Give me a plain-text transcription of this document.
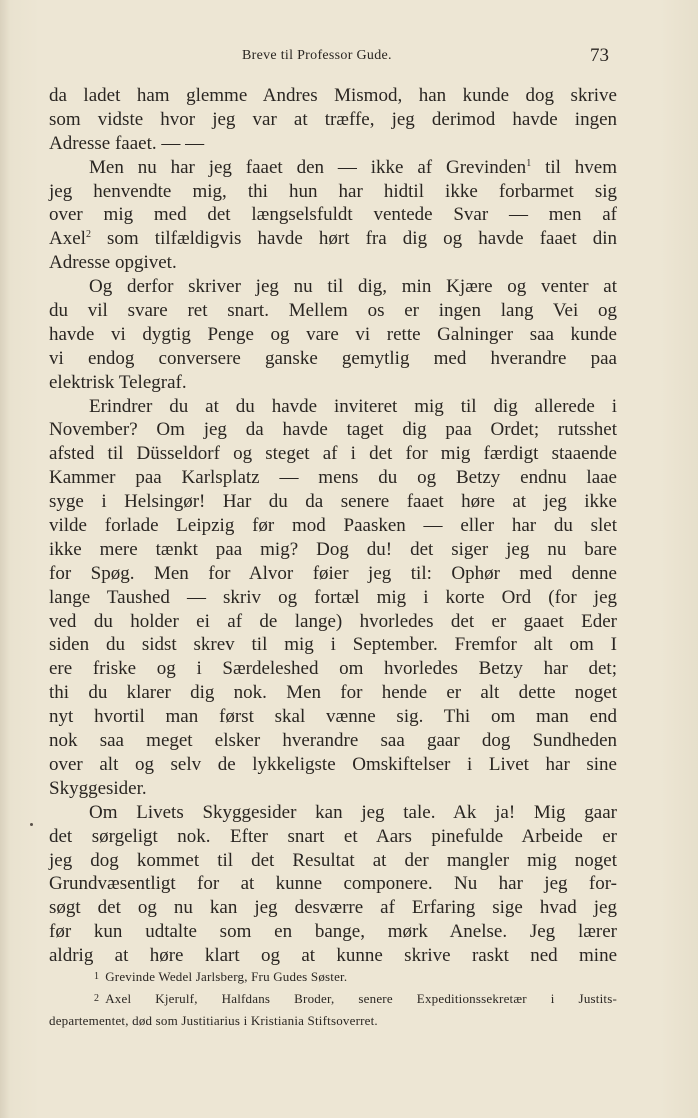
Breve til Professor Gude.	73
da ladet ham glemme Andres Mismod, han kunde dog skrive
som vidste hvor jeg var at træffe, jeg derimod havde ingen
Adresse faaet. — —
Men nu har jeg faaet den — ikke af Grevinden$^1$ til hvem
jeg henvendte mig, thi hun har hidtil ikke forbarmet sig
over mig med det længselsfuldt ventede Svar — men af
Axel$^2$ som tilfældigvis havde hørt fra dig og havde faaet din
Adresse opgivet.
Og derfor skriver jeg nu til dig, min Kjære og venter at
du vil svare ret snart. Mellem os er ingen lang Vei og
havde vi dygtig Penge og vare vi rette Galninger saa kunde
vi endog conversere ganske gemytlig med hverandre paa
elektrisk Telegraf.
Erindrer du at du havde inviteret mig til dig allerede i
November? Om jeg da havde taget dig paa Ordet; rutsshet
afsted til Düsseldorf og steget af i det for mig færdigt staaende
Kammer paa Karlsplatz — mens du og Betzy endnu laae
syge i Helsingør! Har du da senere faaet høre at jeg ikke
vilde forlade Leipzig før mod Paasken — eller har du slet
ikke mere tænkt paa mig? Dog du! det siger jeg nu bare
for Spøg. Men for Alvor føier jeg til: Ophør med denne
lange Taushed — skriv og fortæl mig i korte Ord (for jeg
ved du holder ei af de lange) hvorledes det er gaaet Eder
siden du sidst skrev til mig i September. Fremfor alt om I
ere friske og i Særdeleshed om hvorledes Betzy har det;
thi du klarer dig nok. Men for hende er alt dette noget
nyt hvortil man først skal vænne sig. Thi om man end
nok saa meget elsker hverandre saa gaar dog Sundheden
over alt og selv de lykkeligste Omskiftelser i Livet har sine
Skyggesider.
Om Livets Skyggesider kan jeg tale. Ak ja! Mig gaar
det sørgeligt nok. Efter snart et Aars pinefulde Arbeide er
jeg dog kommet til det Resultat at der mangler mig noget
Grundvæsentligt for at kunne componere. Nu har jeg for-
søgt det og nu kan jeg desværre af Erfaring sige hvad jeg
før kun udtalte som en bange, mørk Anelse. Jeg lærer
aldrig at høre klart og at kunne skrive raskt ned mine
1 Grevinde Wedel Jarlsberg, Fru Gudes Søster.
2 Axel Kjerulf, Halfdans Broder, senere Expeditionssekretær i Justits-
departementet, død som Justitiarius i Kristiania Stiftsoverret.
